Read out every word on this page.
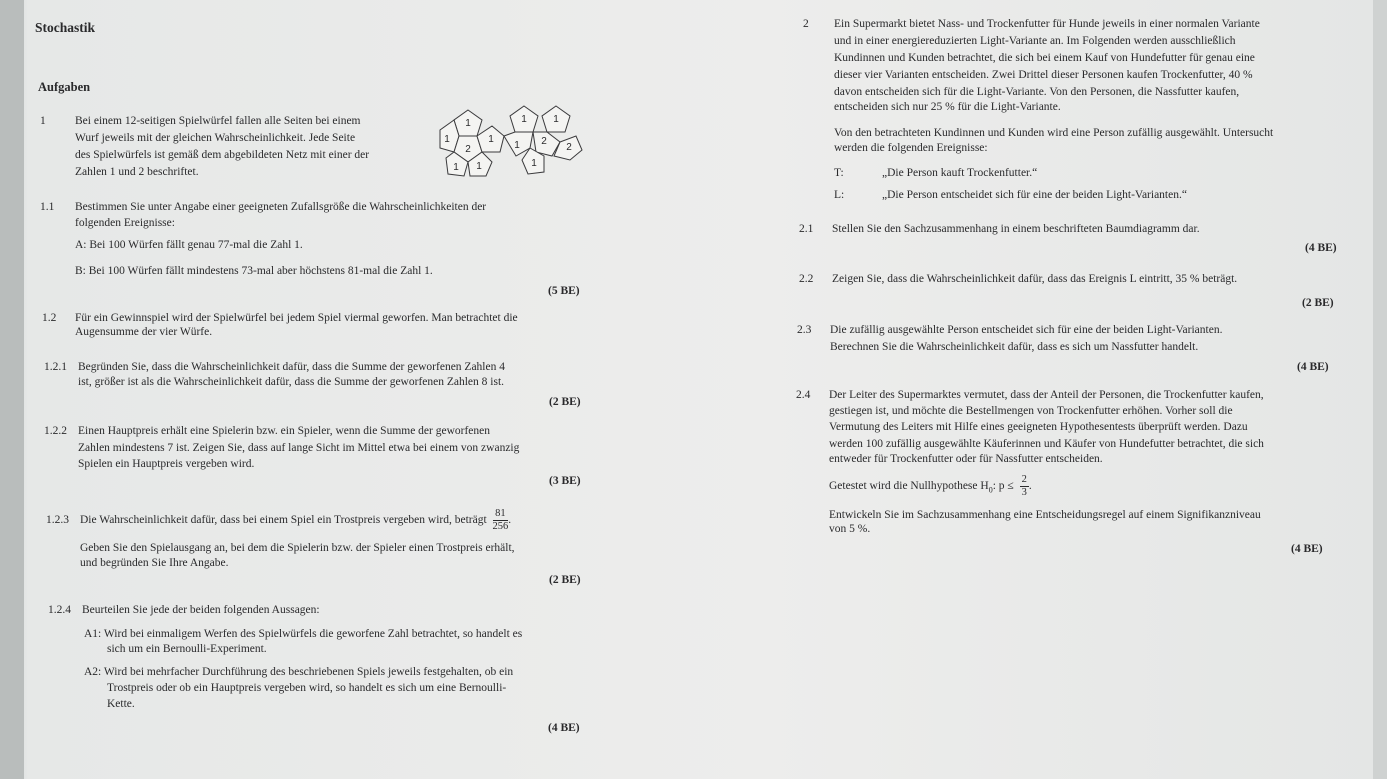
Stochastik
Aufgaben
1	Bei einem 12-seitigen Spielwürfel fallen alle Seiten bei einem
Wurf jeweils mit der gleichen Wahrscheinlichkeit. Jede Seite
des Spielwürfels ist gemäß dem abgebildeten Netz mit einer der
Zahlen 1 und 2 beschriftet.
1	1	1
1
2
1
1 2
2
1 1	1
1.1 Bestimmen Sie unter Angabe einer geeigneten Zufallsgröße die Wahrscheinlichkeiten der
folgenden Ereignisse:
A: Bei 100 Würfen fällt genau 77-mal die Zahl 1.
B: Bei 100 Würfen fällt mindestens 73-mal aber höchstens 81-mal die Zahl 1.
(5 BE)
1.2 Für ein Gewinnspiel wird der Spielwürfel bei jedem Spiel viermal geworfen. Man betrachtet die
Augensumme der vier Würfe.
1.2.1 Begründen Sie, dass die Wahrscheinlichkeit dafür, dass die Summe der geworfenen Zahlen 4
ist, größer ist als die Wahrscheinlichkeit dafür, dass die Summe der geworfenen Zahlen 8 ist.
(2 BE)
1.2.2 Einen Hauptpreis erhält eine Spielerin bzw. ein Spieler, wenn die Summe der geworfenen
Zahlen mindestens 7 ist. Zeigen Sie, dass auf lange Sicht im Mittel etwa bei einem von zwanzig
Spielen ein Hauptpreis vergeben wird.
(3 BE)
1.2.3 Die Wahrscheinlichkeit dafür, dass bei einem Spiel ein Trostpreis vergeben wird, beträgt $\frac{81}{256}$ .
Geben Sie den Spielausgang an, bei dem die Spielerin bzw. der Spieler einen Trostpreis erhält,
und begründen Sie Ihre Angabe.
(2 BE)
1.2.4 Beurteilen Sie jede der beiden folgenden Aussagen:
A1: Wird bei einmaligem Werfen des Spielwürfels die geworfene Zahl betrachtet, so handelt es
sich um ein Bernoulli-Experiment.
A2: Wird bei mehrfacher Durchführung des beschriebenen Spiels jeweils festgehalten, ob ein
Trostpreis oder ob ein Hauptpreis vergeben wird, so handelt es sich um eine Bernoulli-
Kette.
(4 BE)
2 Ein Supermarkt bietet Nass- und Trockenfutter für Hunde jeweils in einer normalen Variante
und in einer energiereduzierten Light-Variante an. Im Folgenden werden ausschließlich
Kundinnen und Kunden betrachtet, die sich bei einem Kauf von Hundefutter für genau eine
dieser vier Varianten entscheiden. Zwei Drittel dieser Personen kaufen Trockenfutter, 40 %
davon entscheiden sich für die Light-Variante. Von den Personen, die Nassfutter kaufen,
entscheiden sich nur 25 % für die Light-Variante.
Von den betrachteten Kundinnen und Kunden wird eine Person zufällig ausgewählt. Untersucht
werden die folgenden Ereignisse:
T:	„Die Person kauft Trockenfutter.“
L:	„Die Person entscheidet sich für eine der beiden Light-Varianten.“
2.1 Stellen Sie den Sachzusammenhang in einem beschrifteten Baumdiagramm dar.
(4 BE)
2.2 Zeigen Sie, dass die Wahrscheinlichkeit dafür, dass das Ereignis L eintritt, 35 % beträgt.
(2 BE)
2.3 Die zufällig ausgewählte Person entscheidet sich für eine der beiden Light-Varianten.
Berechnen Sie die Wahrscheinlichkeit dafür, dass es sich um Nassfutter handelt.
(4 BE)
2.4 Der Leiter des Supermarktes vermutet, dass der Anteil der Personen, die Trockenfutter kaufen,
gestiegen ist, und möchte die Bestellmengen von Trockenfutter erhöhen. Vorher soll die
Vermutung des Leiters mit Hilfe eines geeigneten Hypothesentests überprüft werden. Dazu
werden 100 zufällig ausgewählte Käuferinnen und Käufer von Hundefutter betrachtet, die sich
entweder für Trockenfutter oder für Nassfutter entscheiden.
Getestet wird die Nullhypothese $H_0$: $p \le \frac{2}{3}$ .
Entwickeln Sie im Sachzusammenhang eine Entscheidungsregel auf einem Signifikanzniveau
von 5 %.
(4 BE)
